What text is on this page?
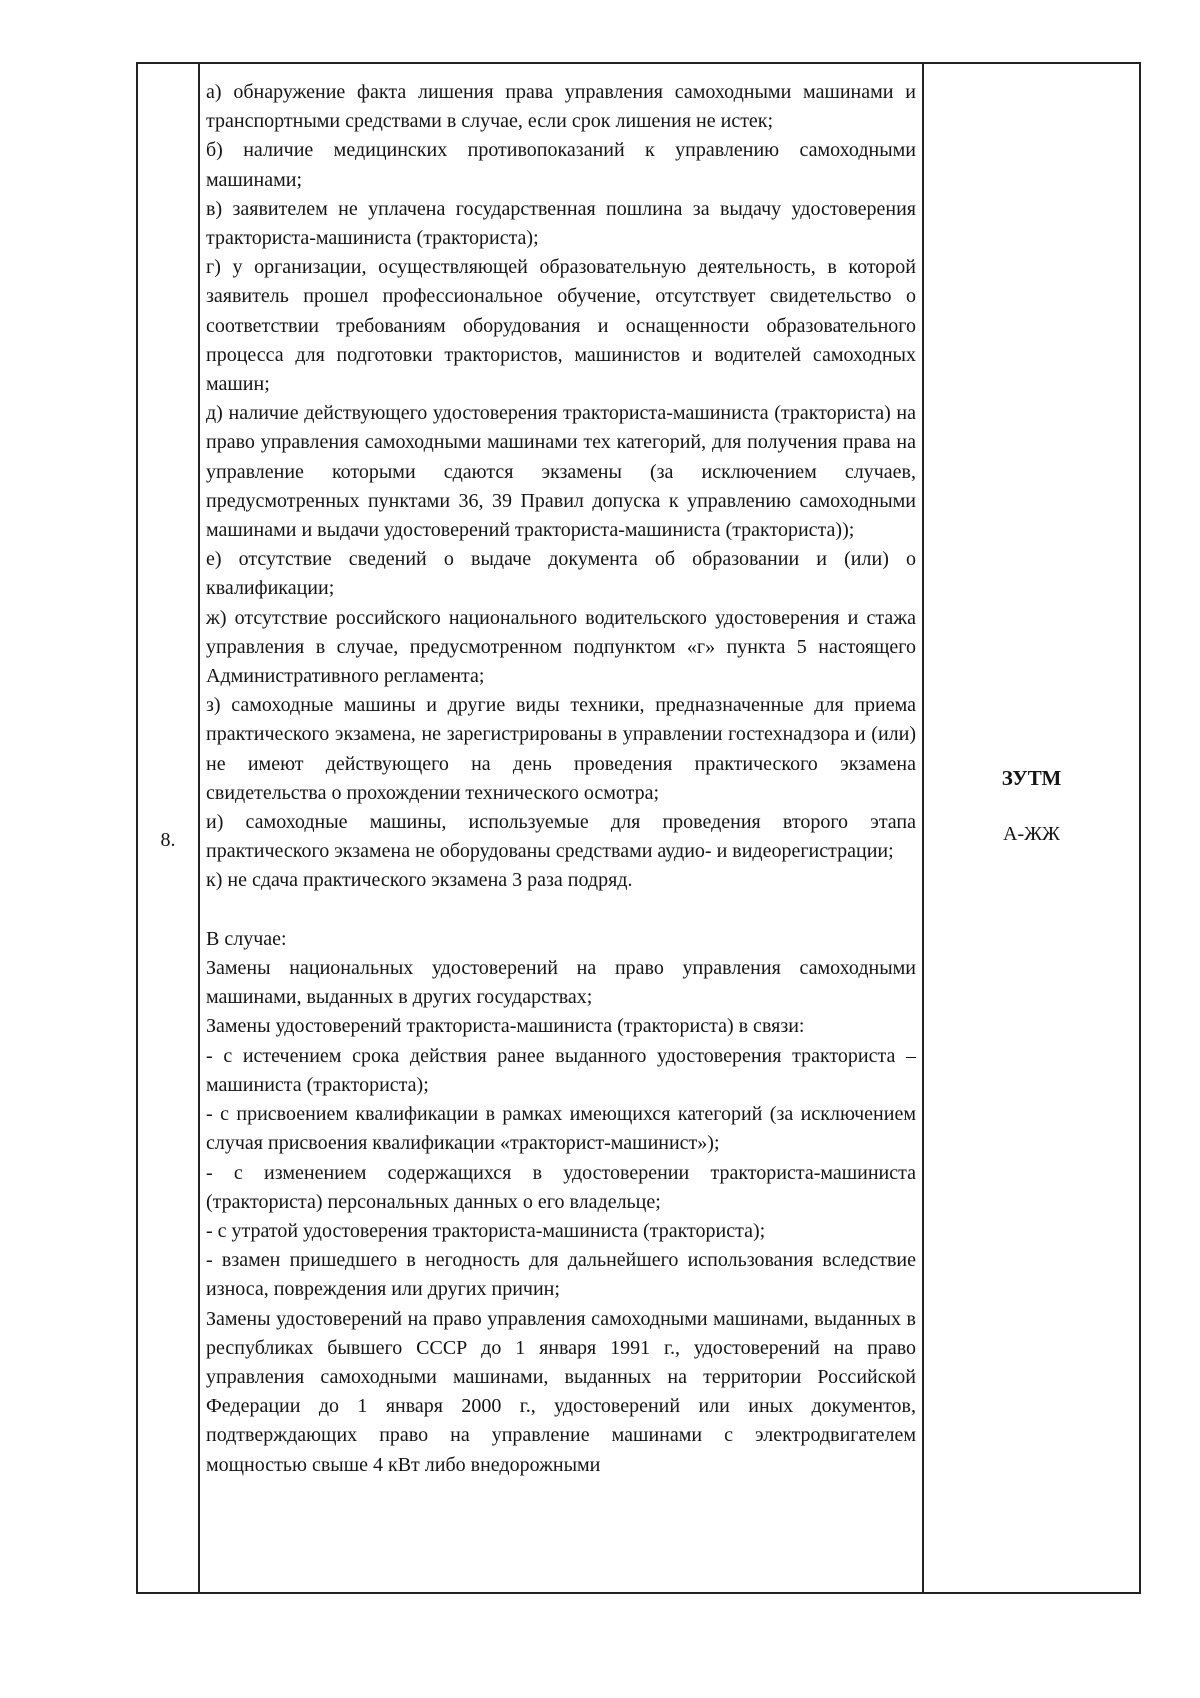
8.

а) обнаружение факта лишения права управления самоходными машинами и транспортными средствами в случае, если срок лишения не истек;

б) наличие медицинских противопоказаний к управлению самоходными машинами;

в) заявителем не уплачена государственная пошлина за выдачу удостоверения тракториста-машиниста (тракториста);

г) у организации, осуществляющей образовательную деятельность, в которой заявитель прошел профессиональное обучение, отсутствует свидетельство о соответствии требованиям оборудования и оснащенности образовательного процесса для подготовки трактористов, машинистов и водителей самоходных машин;

д) наличие действующего удостоверения тракториста-машиниста (тракториста) на право управления самоходными машинами тех категорий, для получения права на управление которыми сдаются экзамены (за исключением случаев, предусмотренных пунктами 36, 39 Правил допуска к управлению самоходными машинами и выдачи удостоверений тракториста-машиниста (тракториста));

е) отсутствие сведений о выдаче документа об образовании и (или) о квалификации;

ж) отсутствие российского национального водительского удостоверения и стажа управления в случае, предусмотренном подпунктом «г» пункта 5 настоящего Административного регламента;

з) самоходные машины и другие виды техники, предназначенные для приема практического экзамена, не зарегистрированы в управлении гостехнадзора и (или) не имеют действующего на день проведения практического экзамена свидетельства о прохождении технического осмотра;

и) самоходные машины, используемые для проведения второго этапа практического экзамена не оборудованы средствами аудио- и видеорегистрации;

к) не сдача практического экзамена 3 раза подряд.

В случае:

Замены национальных удостоверений на право управления самоходными машинами, выданных в других государствах;

Замены удостоверений тракториста-машиниста (тракториста) в связи:

- с истечением срока действия ранее выданного удостоверения тракториста – машиниста (тракториста);

- с присвоением квалификации в рамках имеющихся категорий (за исключением случая присвоения квалификации «тракторист-машинист»);

- с изменением содержащихся в удостоверении тракториста-машиниста (тракториста) персональных данных о его владельце;

- с утратой удостоверения тракториста-машиниста (тракториста);

- взамен пришедшего в негодность для дальнейшего использования вследствие износа, повреждения или других причин;

Замены удостоверений на право управления самоходными машинами, выданных в республиках бывшего СССР до 1 января 1991 г., удостоверений на право управления самоходными машинами, выданных на территории Российской Федерации до 1 января 2000 г., удостоверений или иных документов, подтверждающих право на управление машинами с электродвигателем мощностью свыше 4 кВт либо внедорожными

ЗУТМ
А-ЖЖ
